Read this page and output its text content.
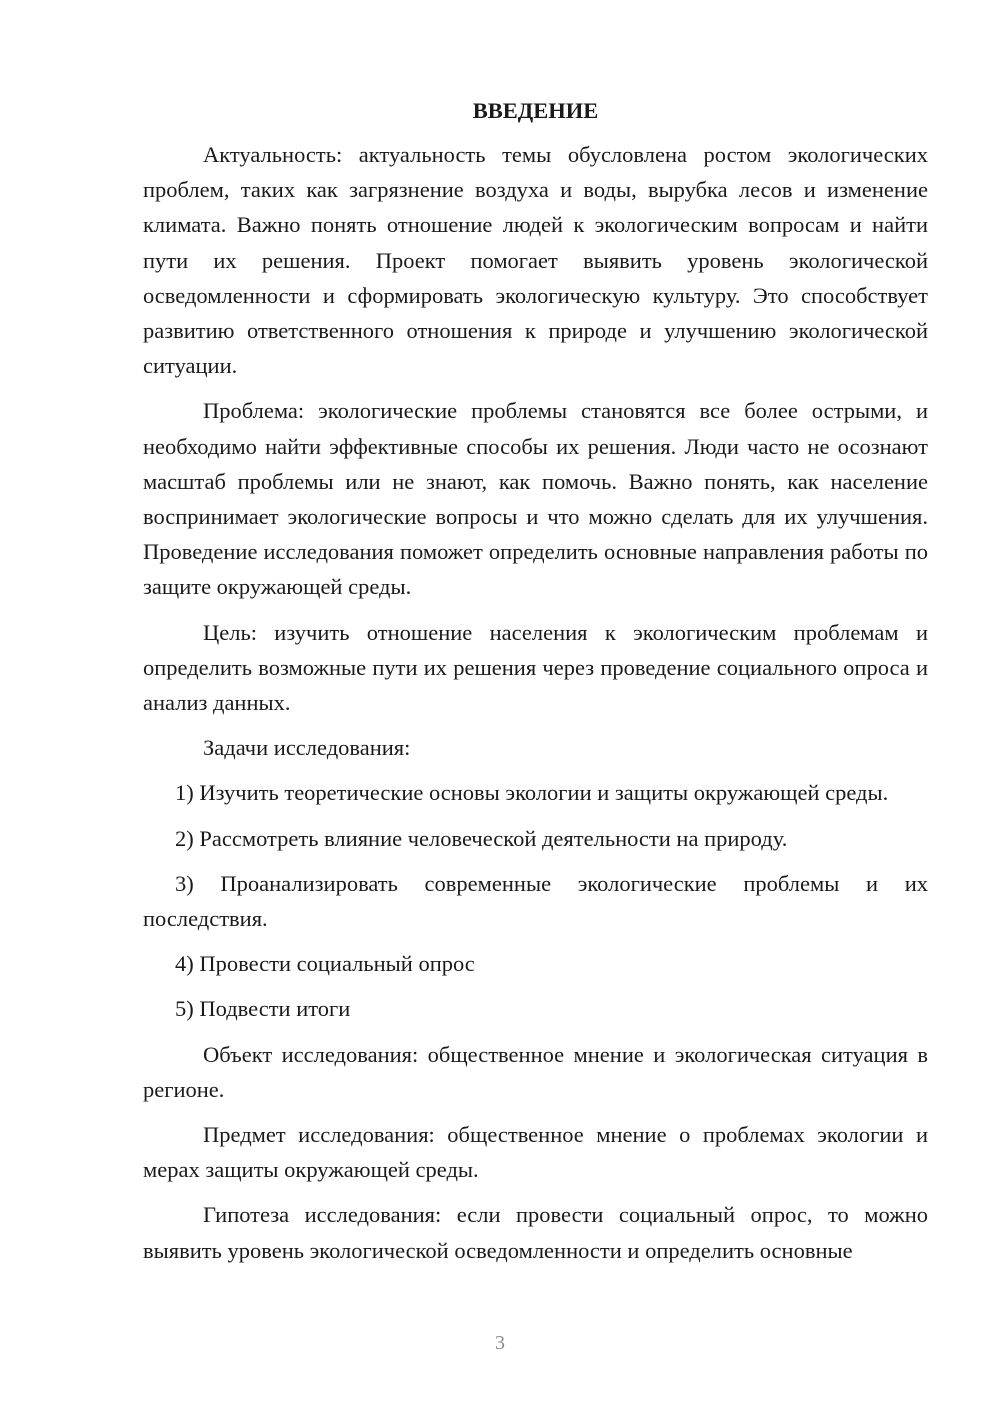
ВВЕДЕНИЕ

Актуальность: актуальность темы обусловлена ростом экологических проблем, таких как загрязнение воздуха и воды, вырубка лесов и изменение климата. Важно понять отношение людей к экологическим вопросам и найти пути их решения. Проект помогает выявить уровень экологической осведомленности и сформировать экологическую культуру. Это способствует развитию ответственного отношения к природе и улучшению экологической ситуации.

Проблема: экологические проблемы становятся все более острыми, и необходимо найти эффективные способы их решения. Люди часто не осознают масштаб проблемы или не знают, как помочь. Важно понять, как население воспринимает экологические вопросы и что можно сделать для их улучшения. Проведение исследования поможет определить основные направления работы по защите окружающей среды.

Цель: изучить отношение населения к экологическим проблемам и определить возможные пути их решения через проведение социального опроса и анализ данных.

Задачи исследования:

1) Изучить теоретические основы экологии и защиты окружающей среды.

2) Рассмотреть влияние человеческой деятельности на природу.

3) Проанализировать современные экологические проблемы и их последствия.

4) Провести социальный опрос

5) Подвести итоги

Объект исследования: общественное мнение и экологическая ситуация в регионе.

Предмет исследования: общественное мнение о проблемах экологии и мерах защиты окружающей среды.

Гипотеза исследования: если провести социальный опрос, то можно выявить уровень экологической осведомленности и определить основные

3
